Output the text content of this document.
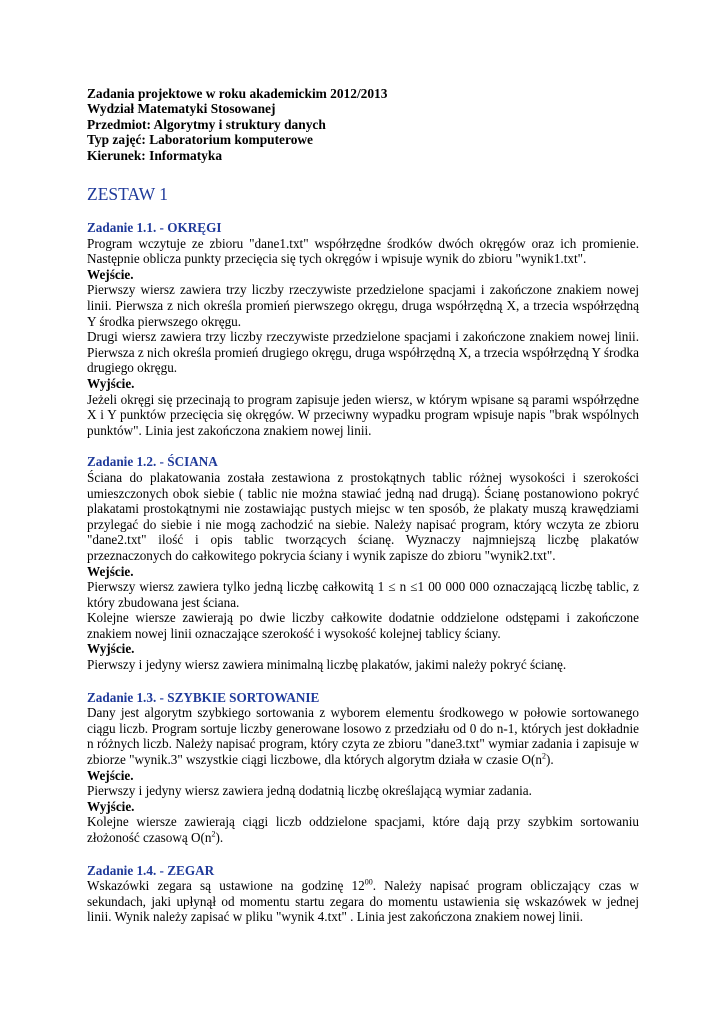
Zadania projektowe w roku akademickim 2012/2013

Wydział Matematyki Stosowanej

Przedmiot: Algorytmy i struktury danych

Typ zajęć: Laboratorium komputerowe

Kierunek: Informatyka

ZESTAW 1

Zadanie 1.1. - OKRĘGI

Program wczytuje ze zbioru "dane1.txt" współrzędne środków dwóch okręgów oraz ich promienie. Następnie oblicza punkty przecięcia się tych okręgów i wpisuje wynik do zbioru "wynik1.txt".

Wejście.

Pierwszy wiersz zawiera trzy liczby rzeczywiste przedzielone spacjami i zakończone znakiem nowej linii. Pierwsza z nich określa promień pierwszego okręgu, druga współrzędną X, a trzecia współrzędną Y środka pierwszego okręgu.

Drugi wiersz zawiera trzy liczby rzeczywiste przedzielone spacjami i zakończone znakiem nowej linii. Pierwsza z nich określa promień drugiego okręgu, druga współrzędną X, a trzecia współrzędną Y środka drugiego okręgu.

Wyjście.

Jeżeli okręgi się przecinają to program zapisuje jeden wiersz, w którym wpisane są parami współrzędne X i Y punktów przecięcia się okręgów. W przeciwny wypadku program wpisuje napis "brak wspólnych punktów". Linia jest zakończona znakiem nowej linii.

Zadanie 1.2. - ŚCIANA

Ściana do plakatowania została zestawiona z prostokątnych tablic różnej wysokości i szerokości umieszczonych obok siebie ( tablic nie można stawiać jedną nad drugą). Ścianę postanowiono pokryć plakatami prostokątnymi nie zostawiając pustych miejsc w ten sposób, że plakaty muszą krawędziami przylegać do siebie i nie mogą zachodzić na siebie. Należy napisać program, który wczyta ze zbioru "dane2.txt" ilość i opis tablic tworzących ścianę. Wyznaczy najmniejszą liczbę plakatów przeznaczonych do całkowitego pokrycia ściany i wynik zapisze do zbioru "wynik2.txt".

Wejście.

Pierwszy wiersz zawiera tylko jedną liczbę całkowitą 1 ≤ n ≤1 00 000 000 oznaczającą liczbę tablic, z który zbudowana jest ściana.

Kolejne wiersze zawierają po dwie liczby całkowite dodatnie oddzielone odstępami i zakończone znakiem nowej linii oznaczające szerokość i wysokość kolejnej tablicy ściany.

Wyjście.

Pierwszy i jedyny wiersz zawiera minimalną liczbę plakatów, jakimi należy pokryć ścianę.

Zadanie 1.3. - SZYBKIE SORTOWANIE

Dany jest algorytm szybkiego sortowania z wyborem elementu środkowego w połowie sortowanego ciągu liczb. Program sortuje liczby generowane losowo z przedziału od 0 do n-1, których jest dokładnie n różnych liczb. Należy napisać program, który czyta ze zbioru "dane3.txt" wymiar zadania i zapisuje w zbiorze "wynik.3" wszystkie ciągi liczbowe, dla których algorytm działa w czasie $O(n^2)$.

Wejście.

Pierwszy i jedyny wiersz zawiera jedną dodatnią liczbę określającą wymiar zadania.

Wyjście.

Kolejne wiersze zawierają ciągi liczb oddzielone spacjami, które dają przy szybkim sortowaniu złożoność czasową $O(n^2)$.

Zadanie 1.4. - ZEGAR

Wskazówki zegara są ustawione na godzinę $12^{00}$. Należy napisać program obliczający czas w sekundach, jaki upłynął od momentu startu zegara do momentu ustawienia się wskazówek w jednej linii. Wynik należy zapisać w pliku "wynik 4.txt" . Linia jest zakończona znakiem nowej linii.
